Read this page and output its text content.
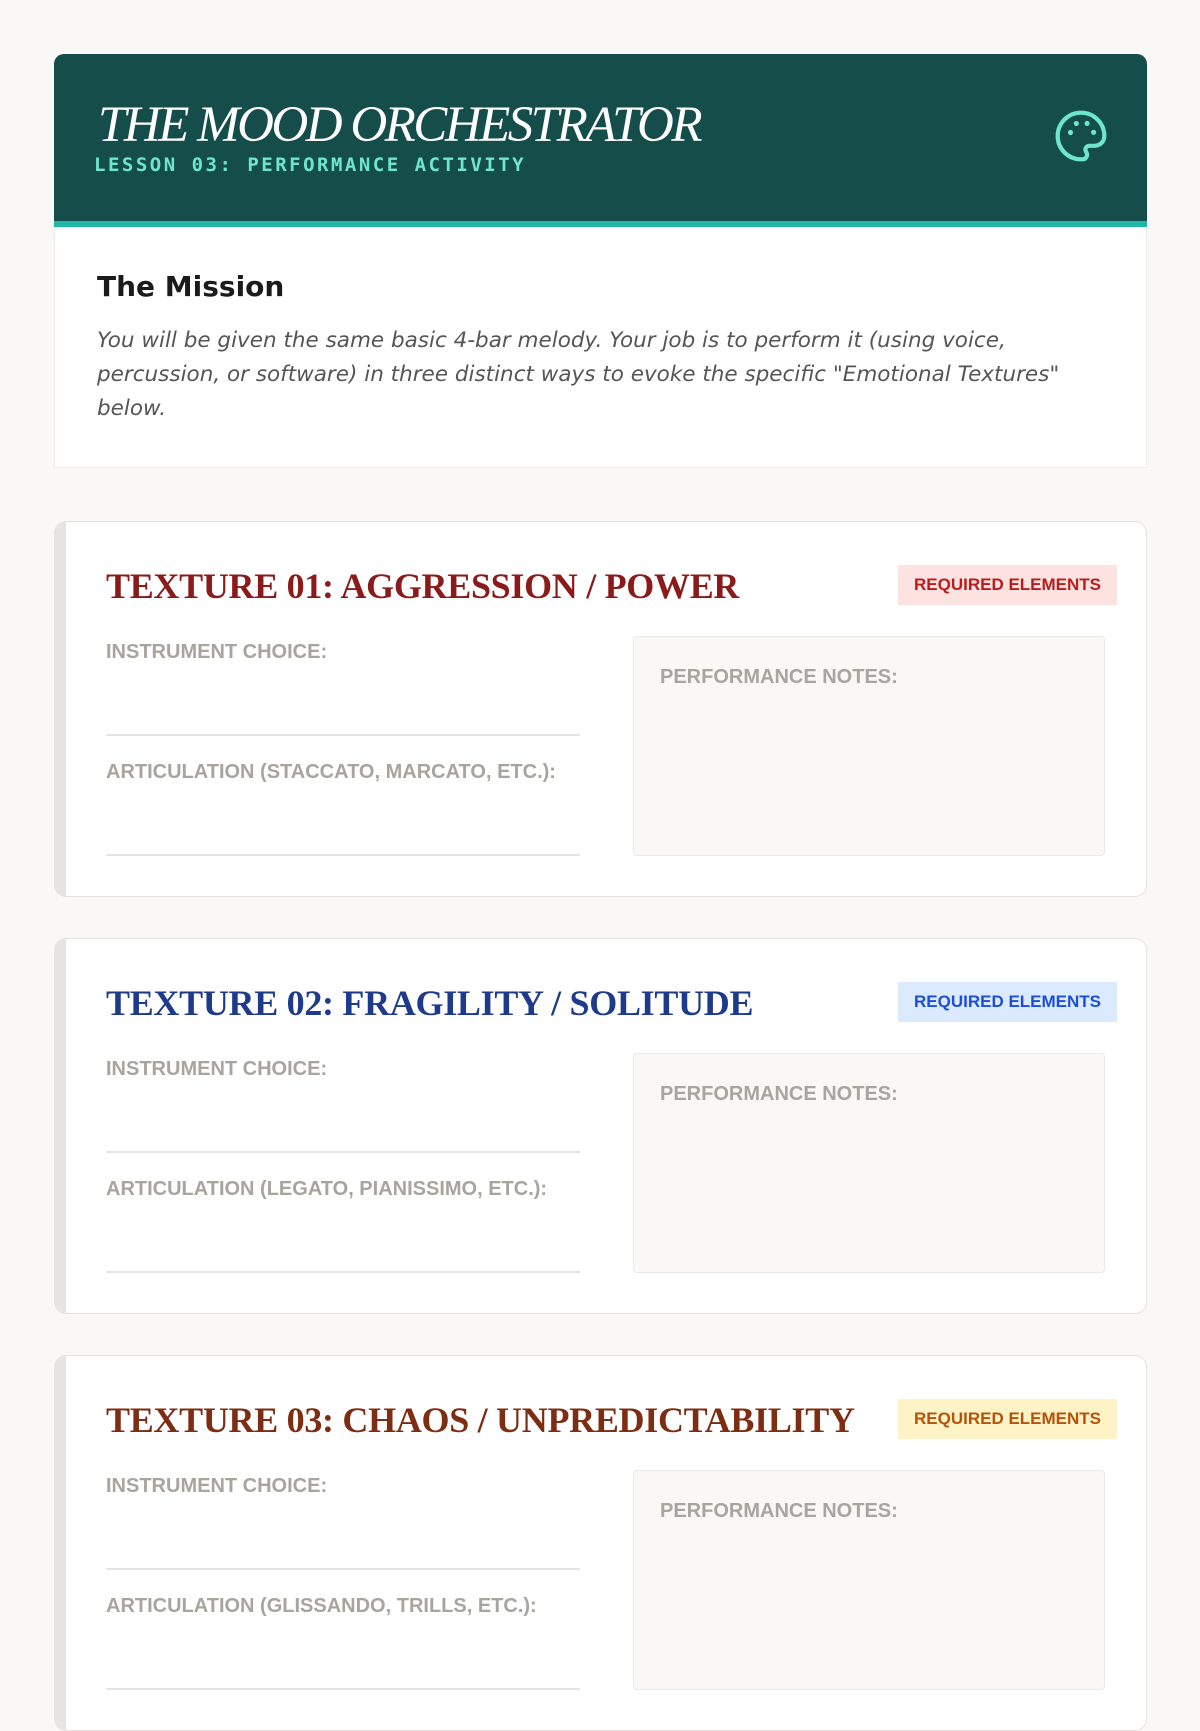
THE MOOD ORCHESTRATOR
LESSON 03: PERFORMANCE ACTIVITY
The Mission
You will be given the same basic 4-bar melody. Your job is to perform it (using voice, percussion, or software) in three distinct ways to evoke the specific "Emotional Textures" below.
TEXTURE 01: AGGRESSION / POWER	REQUIRED ELEMENTS
INSTRUMENT CHOICE:
ARTICULATION (STACCATO, MARCATO, ETC.):
PERFORMANCE NOTES:
TEXTURE 02: FRAGILITY / SOLITUDE	REQUIRED ELEMENTS
INSTRUMENT CHOICE:
ARTICULATION (LEGATO, PIANISSIMO, ETC.):
PERFORMANCE NOTES:
TEXTURE 03: CHAOS / UNPREDICTABILITY	REQUIRED ELEMENTS
INSTRUMENT CHOICE:
ARTICULATION (GLISSANDO, TRILLS, ETC.):
PERFORMANCE NOTES:
